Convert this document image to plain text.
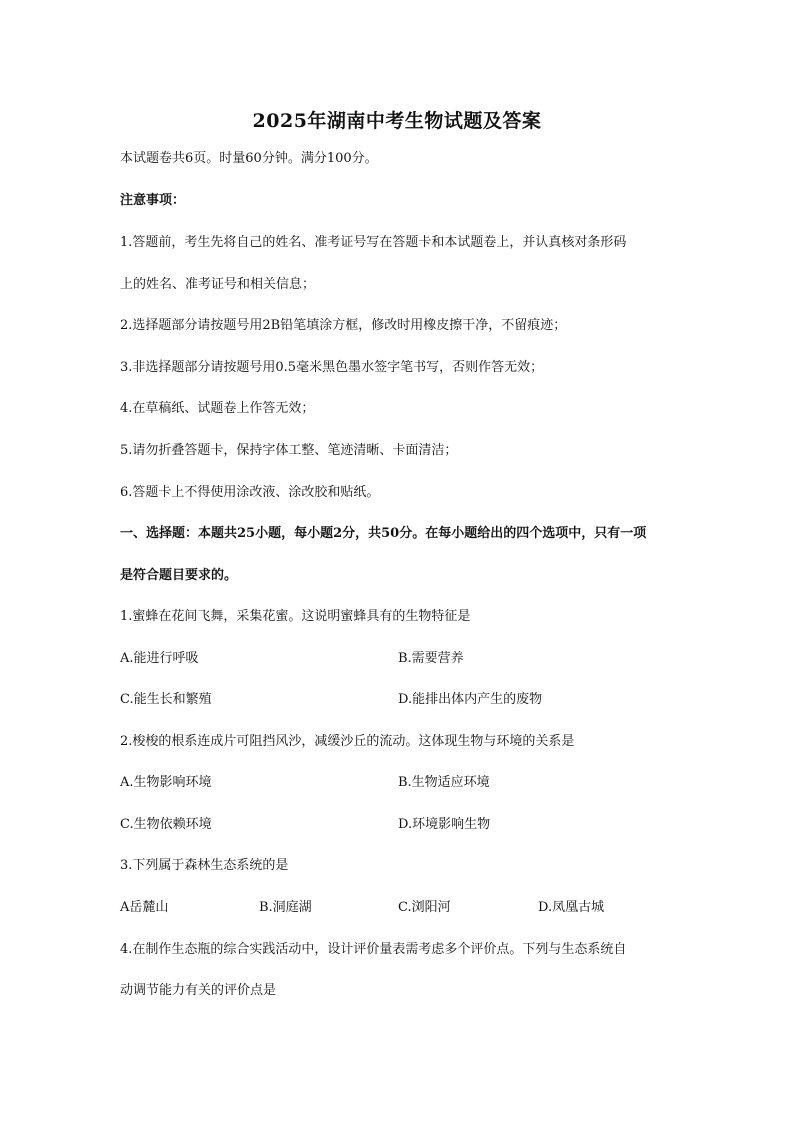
2025年湖南中考生物试题及答案
本试题卷共6页。时量60分钟。满分100分。
注意事项：
1.答题前，考生先将自己的姓名、准考证号写在答题卡和本试题卷上，并认真核对条形码
上的姓名、准考证号和相关信息；
2.选择题部分请按题号用2B铅笔填涂方框，修改时用橡皮擦干净，不留痕迹；
3.非选择题部分请按题号用0.5毫米黑色墨水签字笔书写，否则作答无效；
4.在草稿纸、试题卷上作答无效；
5.请勿折叠答题卡，保持字体工整、笔迹清晰、卡面清洁；
6.答题卡上不得使用涂改液、涂改胶和贴纸。
一、选择题：本题共25小题，每小题2分，共50分。在每小题给出的四个选项中，只有一项
是符合题目要求的。
1.蜜蜂在花间飞舞，采集花蜜。这说明蜜蜂具有的生物特征是
A.能进行呼吸	B.需要营养
C.能生长和繁殖	D.能排出体内产生的废物
2.梭梭的根系连成片可阻挡风沙，减缓沙丘的流动。这体现生物与环境的关系是
A.生物影响环境	B.生物适应环境
C.生物依赖环境	D.环境影响生物
3.下列属于森林生态系统的是
A岳麓山	B.洞庭湖	C.浏阳河	D.凤凰古城
4.在制作生态瓶的综合实践活动中，设计评价量表需考虑多个评价点。下列与生态系统自
动调节能力有关的评价点是
